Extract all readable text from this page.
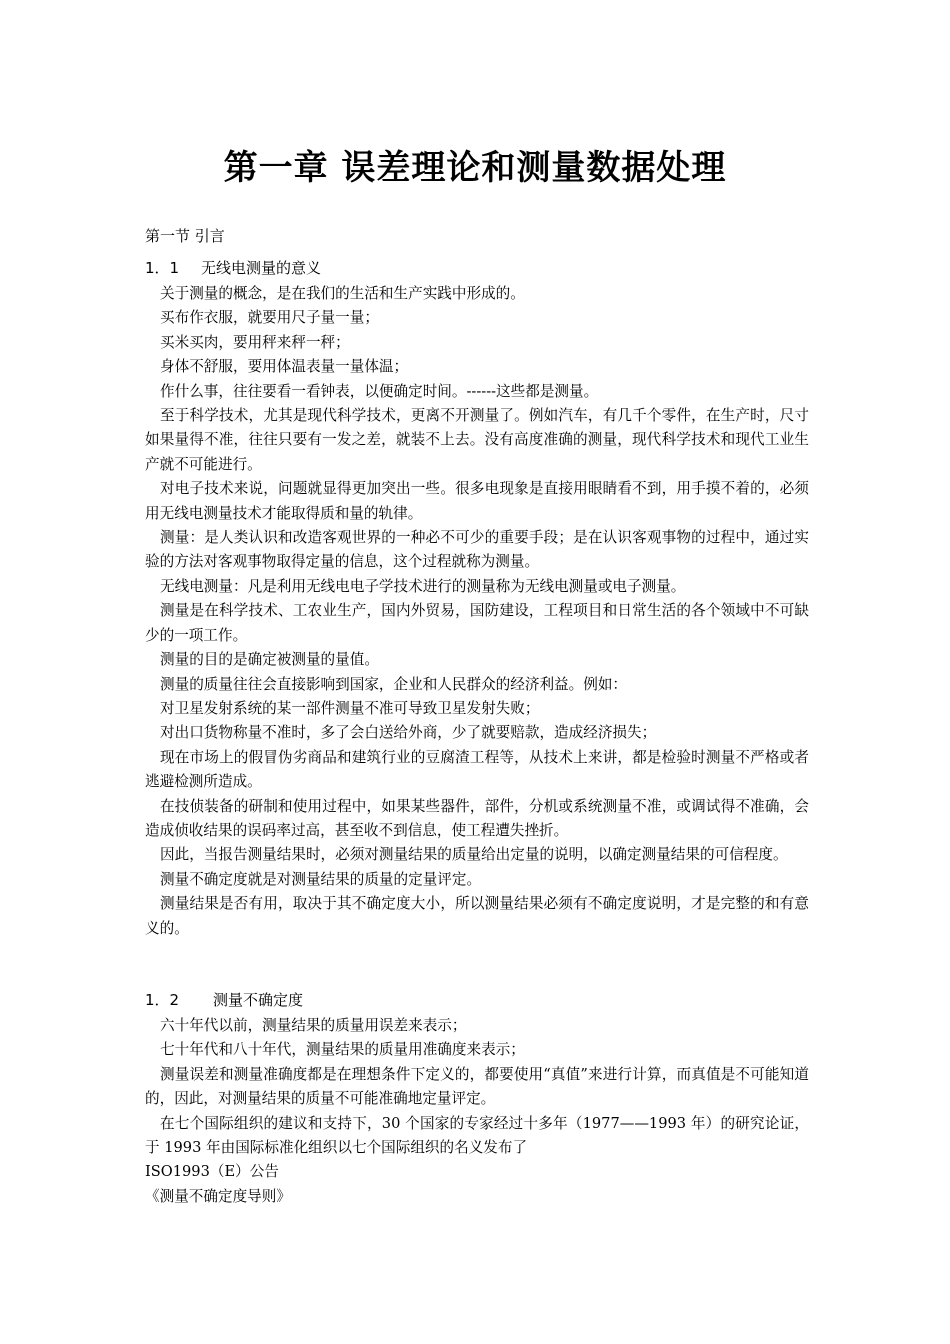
第一章 误差理论和测量数据处理
第一节 引言
1．1 无线电测量的意义

关于测量的概念，是在我们的生活和生产实践中形成的。

买布作衣服，就要用尺子量一量；

买米买肉，要用秤来秤一秤；

身体不舒服，要用体温表量一量体温；

作什么事，往往要看一看钟表，以便确定时间。------这些都是测量。

至于科学技术，尤其是现代科学技术，更离不开测量了。例如汽车，有几千个零件，在生产时，尺寸如果量得不准，往往只要有一发之差，就装不上去。没有高度准确的测量，现代科学技术和现代工业生产就不可能进行。

对电子技术来说，问题就显得更加突出一些。很多电现象是直接用眼睛看不到，用手摸不着的，必须用无线电测量技术才能取得质和量的轨律。

测量：是人类认识和改造客观世界的一种必不可少的重要手段；是在认识客观事物的过程中，通过实验的方法对客观事物取得定量的信息，这个过程就称为测量。

无线电测量：凡是利用无线电电子学技术进行的测量称为无线电测量或电子测量。

测量是在科学技术、工农业生产，国内外贸易，国防建设，工程项目和日常生活的各个领域中不可缺少的一项工作。

测量的目的是确定被测量的量值。

测量的质量往往会直接影响到国家，企业和人民群众的经济利益。例如：

对卫星发射系统的某一部件测量不准可导致卫星发射失败；

对出口货物称量不准时，多了会白送给外商，少了就要赔款，造成经济损失；

现在市场上的假冒伪劣商品和建筑行业的豆腐渣工程等，从技术上来讲，都是检验时测量不严格或者逃避检测所造成。

在技侦装备的研制和使用过程中，如果某些器件，部件，分机或系统测量不准，或调试得不准确，会造成侦收结果的误码率过高，甚至收不到信息，使工程遭失挫折。

因此，当报告测量结果时，必须对测量结果的质量给出定量的说明，以确定测量结果的可信程度。

测量不确定度就是对测量结果的质量的定量评定。

测量结果是否有用，取决于其不确定度大小，所以测量结果必须有不确定度说明，才是完整的和有意义的。

1．2 测量不确定度

六十年代以前，测量结果的质量用误差来表示；

七十年代和八十年代，测量结果的质量用准确度来表示；

测量误差和测量准确度都是在理想条件下定义的，都要使用“真值”来进行计算，而真值是不可能知道的，因此，对测量结果的质量不可能准确地定量评定。

在七个国际组织的建议和支持下，30 个国家的专家经过十多年（1977——1993 年）的研究论证，于 1993 年由国际标准化组织以七个国际组织的名义发布了

ISO1993（E）公告

《测量不确定度导则》
